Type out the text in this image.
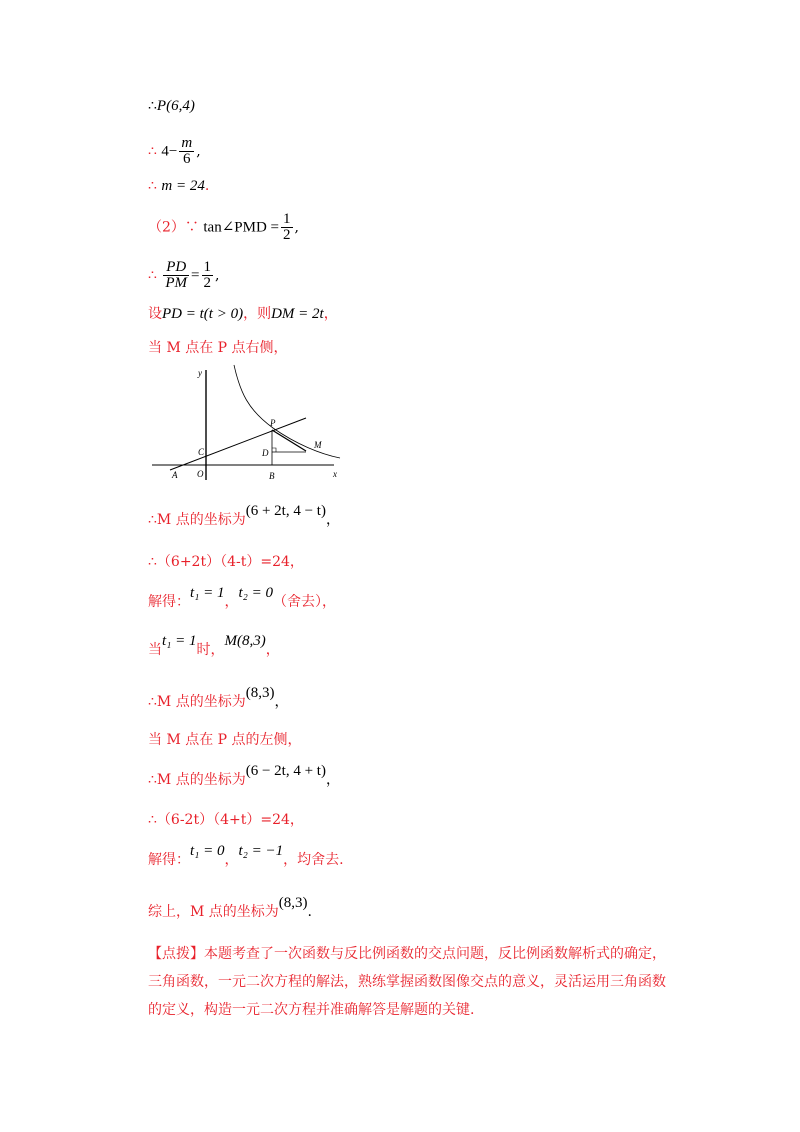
∴P(6,4)
∴ $4- \frac{m}{6}$ ,
∴ m = 24.
（2）∵ tan∠PMD = $\frac{1}{2}$ ,
∴ $\frac{PD}{PM} = \frac{1}{2}$ ,
设PD = t(t > 0)，则DM = 2t，
当 M 点在 P 点右侧，
y
x
P
M
C	D
A O	B
∴M 点的坐标为(6 + 2t, 4 − t)，
∴（6+2t）（4-t）=24，
解得：t₁ = 1，t₂ = 0（舍去），
当t₁ = 1时，M(8,3)，
∴M 点的坐标为(8,3)，
当 M 点在 P 点的左侧，
∴M 点的坐标为(6 − 2t, 4 + t)，
∴（6-2t）（4+t）=24，
解得：t₁ = 0，t₂ = −1，均舍去.
综上，M 点的坐标为(8,3).
【点拨】本题考查了一次函数与反比例函数的交点问题，反比例函数解析式的确定，三角函数，一元二次方程的解法，熟练掌握函数图像交点的意义，灵活运用三角函数的定义，构造一元二次方程并准确解答是解题的关键.
